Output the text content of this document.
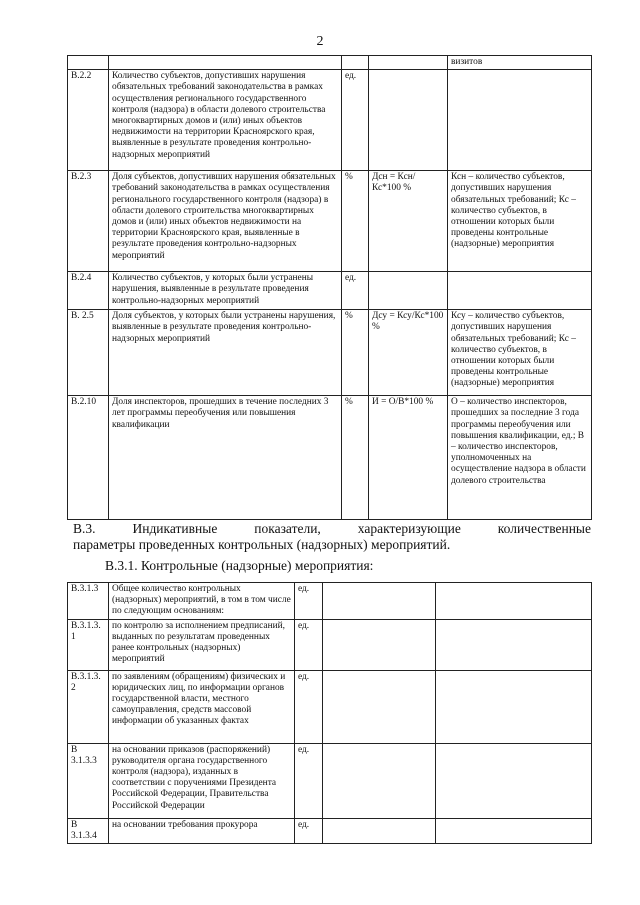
2
				визитов
В.2.2	Количество субъектов, допустивших нарушения обязательных требований законодательства в рамках осуществления регионального государственного контроля (надзора) в области долевого строительства многоквартирных домов и (или) иных объектов недвижимости на территории Красноярского края, выявленные в результате проведения контрольно-надзорных мероприятий	ед.		
В.2.3	Доля субъектов, допустивших нарушения обязательных требований законодательства в рамках осуществления регионального государственного контроля (надзора) в области долевого строительства многоквартирных домов и (или) иных объектов недвижимости на территории Красноярского края, выявленные в результате проведения контрольно-надзорных мероприятий	%	Дсн = Ксн/Кс*100 %	Ксн – количество субъектов, допустивших нарушения обязательных требований; Кс –количество субъектов, в отношении которых были проведены контрольные (надзорные) мероприятия
В.2.4	Количество субъектов, у которых были устранены нарушения, выявленные в результате проведения контрольно-надзорных мероприятий	ед.		
В. 2.5	Доля субъектов, у которых были устранены нарушения, выявленные в результате проведения контрольно-надзорных мероприятий	%	Дсу = Ксу/Кс*100 %	Ксу – количество субъектов, допустивших нарушения обязательных требований; Кс –количество субъектов, в отношении которых были проведены контрольные (надзорные) мероприятия
В.2.10	Доля инспекторов, прошедших в течение последних 3 лет программы переобучения или повышения квалификации	%	И = О/В*100 %	О – количество инспекторов, прошедших за последние 3 года программы переобучения или повышения квалификации, ед.; В – количество инспекторов, уполномоченных на осуществление надзора в области долевого строительства
В.3. Индикативные показатели, характеризующие количественные
параметры проведенных контрольных (надзорных) мероприятий.
В.3.1. Контрольные (надзорные) мероприятия:
В.3.1.3	Общее количество контрольных (надзорных) мероприятий, в том в том числе по следующим основаниям:	ед.		
В.3.1.3.1	по контролю за исполнением предписаний, выданных по результатам проведенных ранее контрольных (надзорных) мероприятий	ед.		
В.3.1.3.2	по заявлениям (обращениям) физических и юридических лиц, по информации органов государственной власти, местного самоуправления, средств массовой информации об указанных фактах	ед.		
В 3.1.3.3	на основании приказов (распоряжений) руководителя органа государственного контроля (надзора), изданных в соответствии с поручениями Президента Российской Федерации, Правительства Российской Федерации	ед.		
В 3.1.3.4	на основании требования прокурора	ед.		
